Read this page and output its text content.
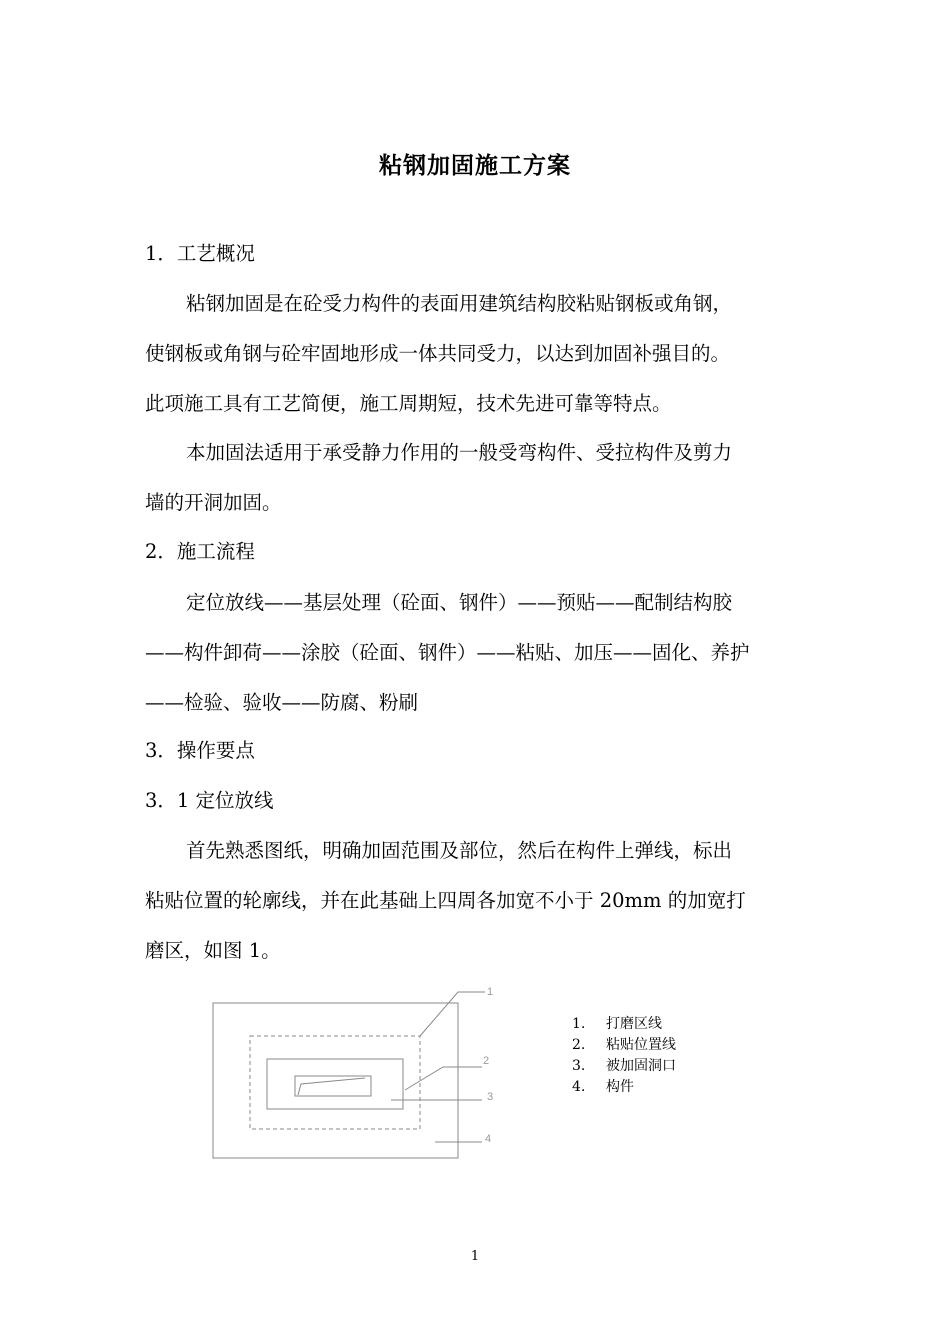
粘钢加固施工方案
1．工艺概况
粘钢加固是在砼受力构件的表面用建筑结构胶粘贴钢板或角钢，
使钢板或角钢与砼牢固地形成一体共同受力，以达到加固补强目的。
此项施工具有工艺简便，施工周期短，技术先进可靠等特点。
本加固法适用于承受静力作用的一般受弯构件、受拉构件及剪力
墙的开洞加固。
2．施工流程
定位放线——基层处理（砼面、钢件）——预贴——配制结构胶
——构件卸荷——涂胶（砼面、钢件）——粘贴、加压——固化、养护
——检验、验收——防腐、粉刷
3．操作要点
3．1 定位放线
首先熟悉图纸，明确加固范围及部位，然后在构件上弹线，标出
粘贴位置的轮廓线，并在此基础上四周各加宽不小于 20mm 的加宽打
磨区，如图 1。
1
2
3
4
1. 打磨区线
2. 粘贴位置线
3. 被加固洞口
4. 构件
1
